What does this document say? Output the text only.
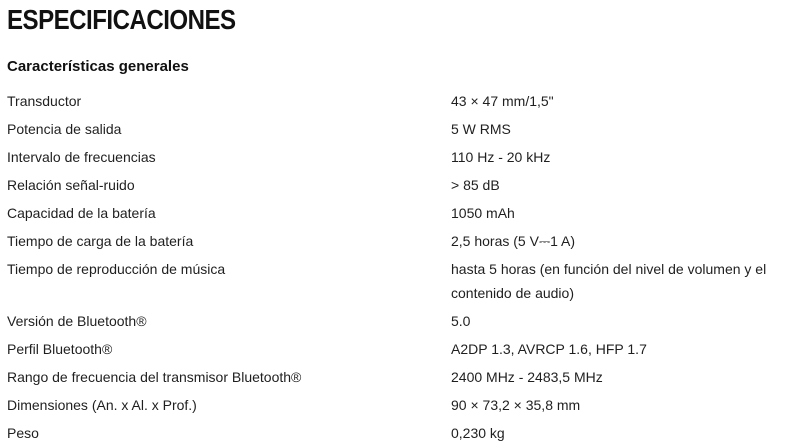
ESPECIFICACIONES
Características generales
Transductor	43 × 47 mm/1,5"
Potencia de salida	5 W RMS
Intervalo de frecuencias	110 Hz - 20 kHz
Relación señal-ruido	> 85 dB
Capacidad de la batería	1050 mAh
Tiempo de carga de la batería	2,5 horas (5 V⎓1 A)
Tiempo de reproducción de música	hasta 5 horas (en función del nivel de volumen y el contenido de audio)
Versión de Bluetooth®	5.0
Perfil Bluetooth®	A2DP 1.3, AVRCP 1.6, HFP 1.7
Rango de frecuencia del transmisor Bluetooth®	2400 MHz - 2483,5 MHz
Dimensiones (An. x Al. x Prof.)	90 × 73,2 × 35,8 mm
Peso	0,230 kg
